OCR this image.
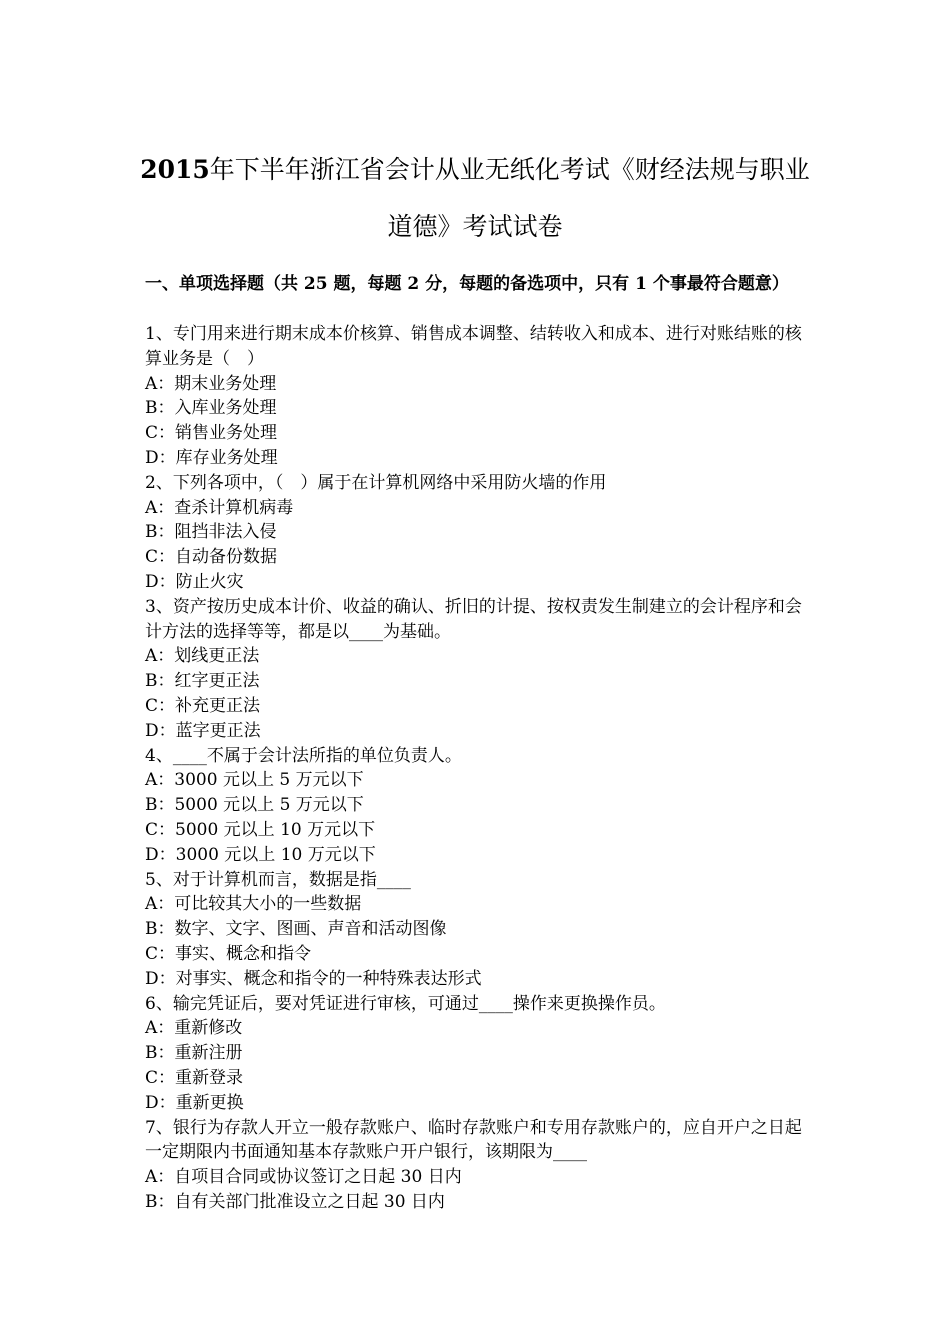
2015年下半年浙江省会计从业无纸化考试《财经法规与职业道德》考试试卷
一、单项选择题（共 25 题，每题 2 分，每题的备选项中，只有 1 个事最符合题意）
1、专门用来进行期末成本价核算、销售成本调整、结转收入和成本、进行对账结账的核算业务是（　）
A：期末业务处理
B：入库业务处理
C：销售业务处理
D：库存业务处理
2、下列各项中，（　）属于在计算机网络中采用防火墙的作用
A：查杀计算机病毒
B：阻挡非法入侵
C：自动备份数据
D：防止火灾
3、资产按历史成本计价、收益的确认、折旧的计提、按权责发生制建立的会计程序和会计方法的选择等等，都是以____为基础。
A：划线更正法
B：红字更正法
C：补充更正法
D：蓝字更正法
4、____不属于会计法所指的单位负责人。
A：3000 元以上 5 万元以下
B：5000 元以上 5 万元以下
C：5000 元以上 10 万元以下
D：3000 元以上 10 万元以下
5、对于计算机而言，数据是指____
A：可比较其大小的一些数据
B：数字、文字、图画、声音和活动图像
C：事实、概念和指令
D：对事实、概念和指令的一种特殊表达形式
6、输完凭证后，要对凭证进行审核，可通过____操作来更换操作员。
A：重新修改
B：重新注册
C：重新登录
D：重新更换
7、银行为存款人开立一般存款账户、临时存款账户和专用存款账户的，应自开户之日起一定期限内书面通知基本存款账户开户银行，该期限为____
A：自项目合同或协议签订之日起 30 日内
B：自有关部门批准设立之日起 30 日内
